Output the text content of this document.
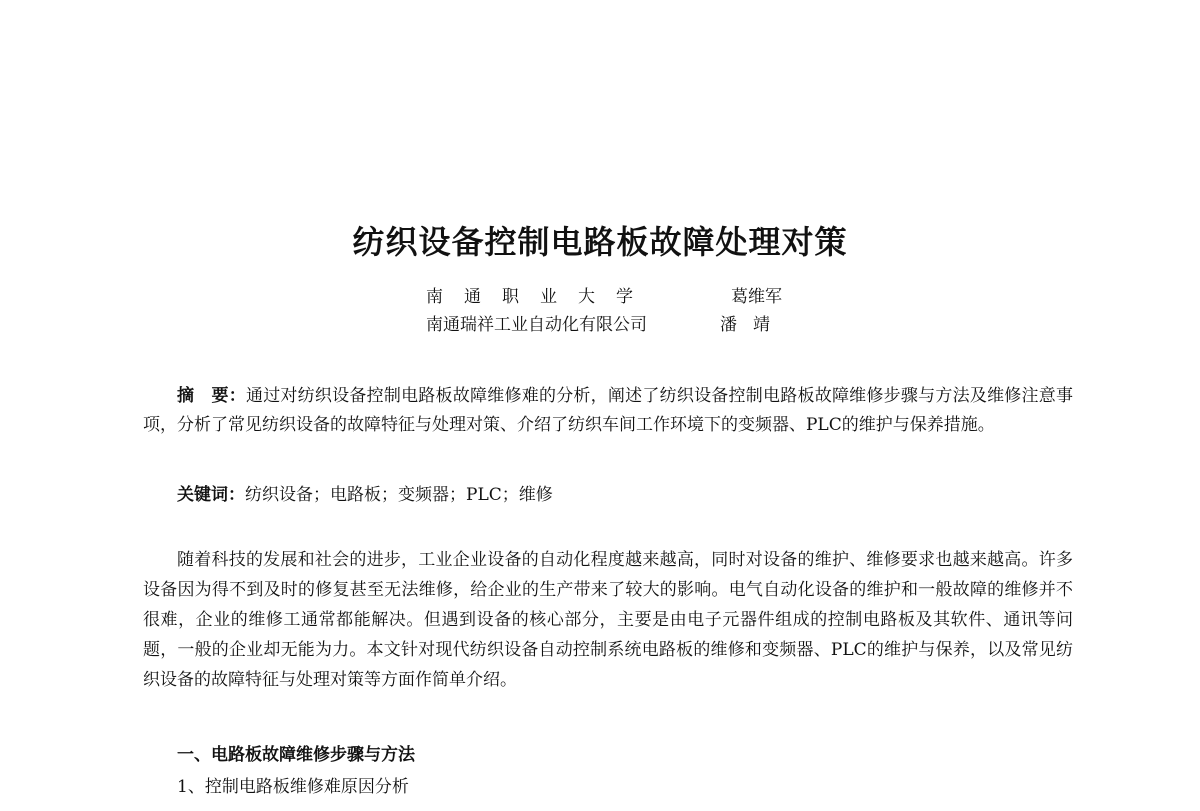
纺织设备控制电路板故障处理对策
南通职业大学	葛维军
南通瑞祥工业自动化有限公司	潘靖

摘　要：通过对纺织设备控制电路板故障维修难的分析，阐述了纺织设备控制电路板故障维修步骤与方法及维修注意事项，分析了常见纺织设备的故障特征与处理对策、介绍了纺织车间工作环境下的变频器、PLC的维护与保养措施。

关键词：纺织设备；电路板；变频器；PLC；维修

随着科技的发展和社会的进步，工业企业设备的自动化程度越来越高，同时对设备的维护、维修要求也越来越高。许多设备因为得不到及时的修复甚至无法维修，给企业的生产带来了较大的影响。电气自动化设备的维护和一般故障的维修并不很难，企业的维修工通常都能解决。但遇到设备的核心部分，主要是由电子元器件组成的控制电路板及其软件、通讯等问题，一般的企业却无能为力。本文针对现代纺织设备自动控制系统电路板的维修和变频器、PLC的维护与保养，以及常见纺织设备的故障特征与处理对策等方面作简单介绍。

一、电路板故障维修步骤与方法
1、控制电路板维修难原因分析
